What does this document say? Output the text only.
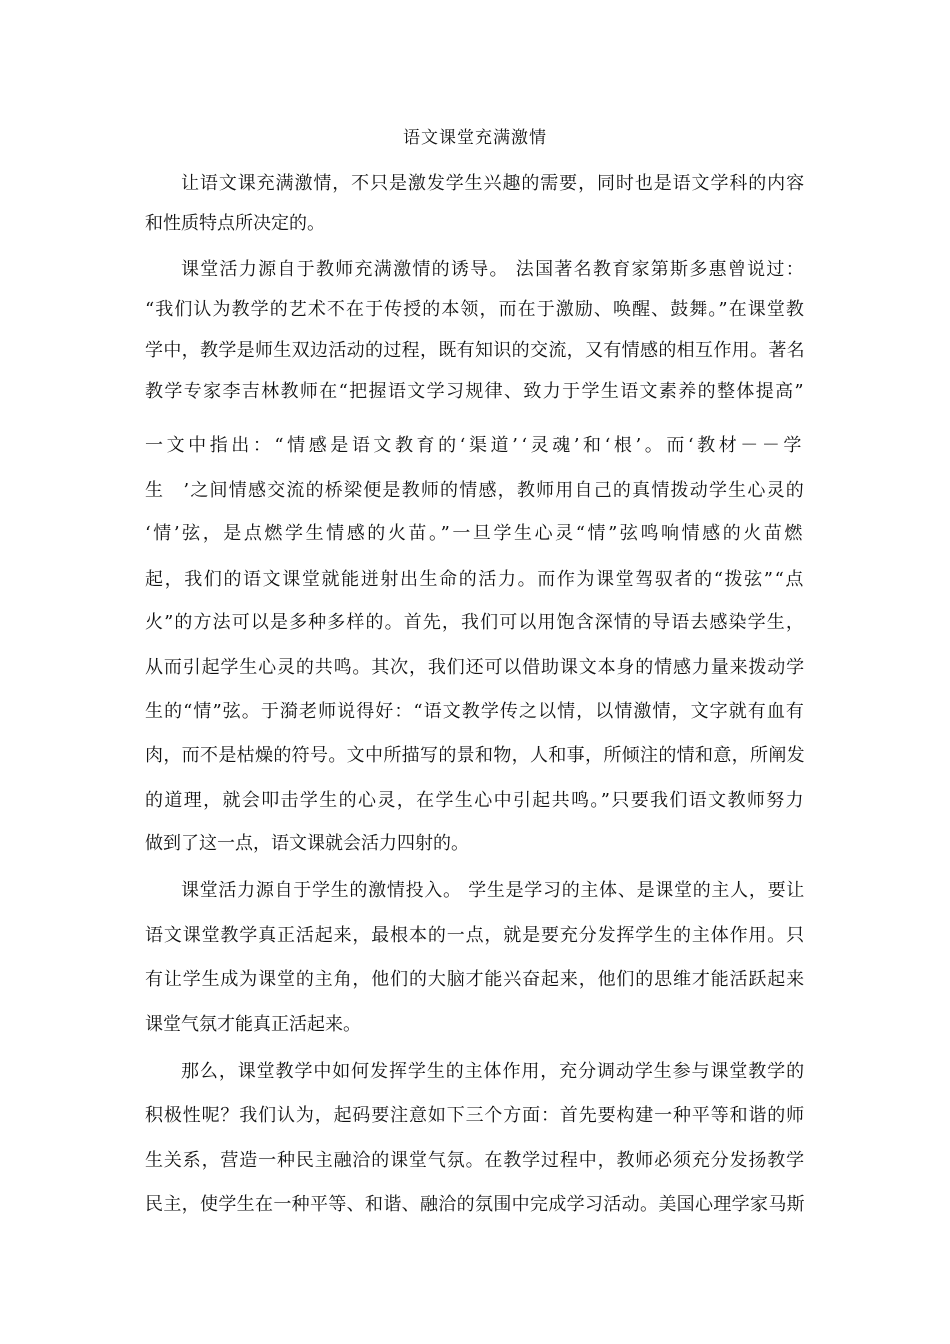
语文课堂充满激情
让语文课充满激情，不只是激发学生兴趣的需要，同时也是语文学科的内容
和性质特点所决定的。
课堂活力源自于教师充满激情的诱导。 法国著名教育家第斯多惠曾说过：
“我们认为教学的艺术不在于传授的本领，而在于激励、唤醒、鼓舞。”在课堂教
学中，教学是师生双边活动的过程，既有知识的交流，又有情感的相互作用。著名
教学专家李吉林教师在“把握语文学习规律、致力于学生语文素养的整体提高”
一文中指出：“情感是语文教育的‘渠道’‘灵魂’和‘根’。而‘教材－－学
生　’之间情感交流的桥梁便是教师的情感，教师用自己的真情拨动学生心灵的
‘情’弦，是点燃学生情感的火苗。”一旦学生心灵“情”弦鸣响情感的火苗燃
起，我们的语文课堂就能迸射出生命的活力。而作为课堂驾驭者的“拨弦”“点
火”的方法可以是多种多样的。首先，我们可以用饱含深情的导语去感染学生，
从而引起学生心灵的共鸣。其次，我们还可以借助课文本身的情感力量来拨动学
生的“情”弦。于漪老师说得好：“语文教学传之以情，以情激情，文字就有血有
肉，而不是枯燥的符号。文中所描写的景和物，人和事，所倾注的情和意，所阐发
的道理，就会叩击学生的心灵，在学生心中引起共鸣。”只要我们语文教师努力
做到了这一点，语文课就会活力四射的。
课堂活力源自于学生的激情投入。 学生是学习的主体、是课堂的主人，要让
语文课堂教学真正活起来，最根本的一点，就是要充分发挥学生的主体作用。只
有让学生成为课堂的主角，他们的大脑才能兴奋起来，他们的思维才能活跃起来
课堂气氛才能真正活起来。
那么，课堂教学中如何发挥学生的主体作用，充分调动学生参与课堂教学的
积极性呢？我们认为，起码要注意如下三个方面：首先要构建一种平等和谐的师
生关系，营造一种民主融洽的课堂气氛。在教学过程中，教师必须充分发扬教学
民主，使学生在一种平等、和谐、融洽的氛围中完成学习活动。美国心理学家马斯
